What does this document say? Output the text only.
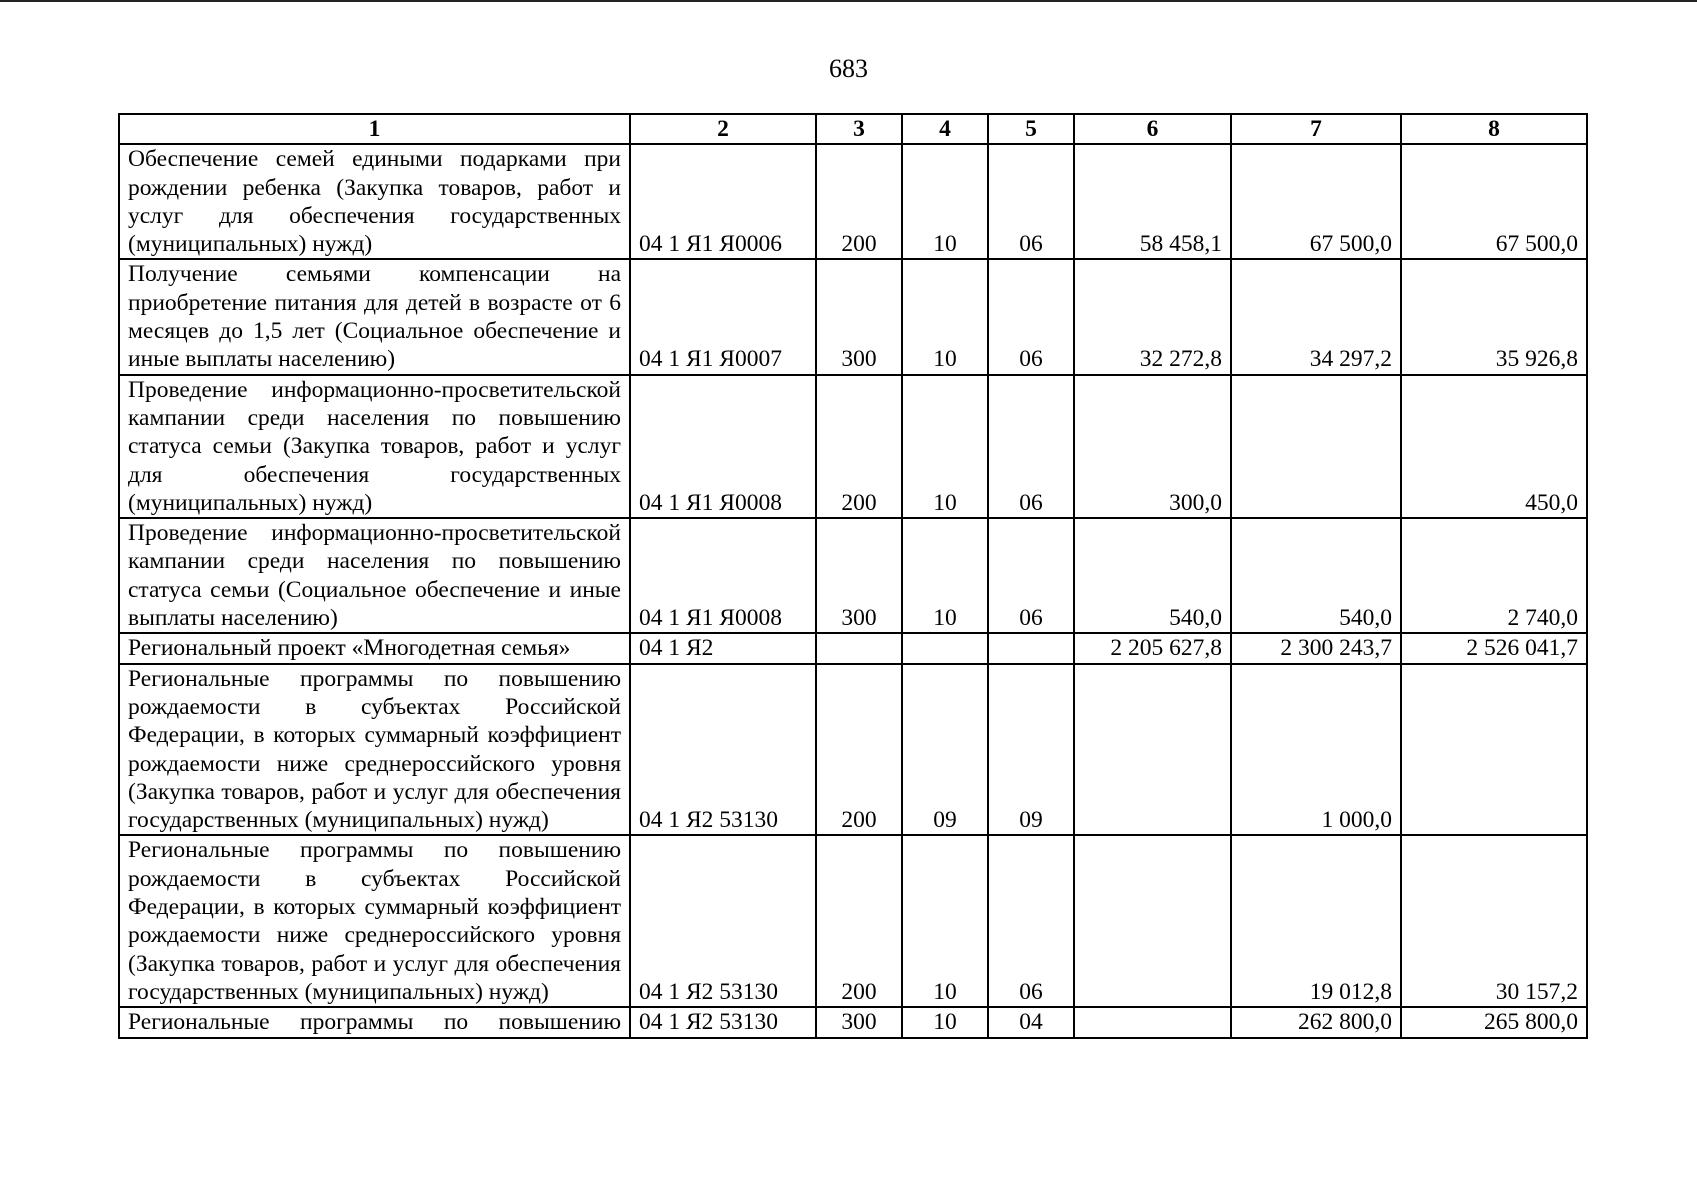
683
1	2	3	4	5	6	7	8
Обеспечение семей едиными подарками при рождении ребенка (Закупка товаров, работ и услуг для обеспечения государственных (муниципальных) нужд)	04 1 Я1 Я0006	200	10	06	58 458,1	67 500,0	67 500,0
Получение семьями компенсации на приобретение питания для детей в возрасте от 6 месяцев до 1,5 лет (Социальное обеспечение и иные выплаты населению)	04 1 Я1 Я0007	300	10	06	32 272,8	34 297,2	35 926,8
Проведение информационно-просветительской кампании среди населения по повышению статуса семьи (Закупка товаров, работ и услуг для обеспечения государственных (муниципальных) нужд)	04 1 Я1 Я0008	200	10	06	300,0		450,0
Проведение информационно-просветительской кампании среди населения по повышению статуса семьи (Социальное обеспечение и иные выплаты населению)	04 1 Я1 Я0008	300	10	06	540,0	540,0	2 740,0
Региональный проект «Многодетная семья»	04 1 Я2				2 205 627,8	2 300 243,7	2 526 041,7
Региональные программы по повышению рождаемости в субъектах Российской Федерации, в которых суммарный коэффициент рождаемости ниже среднероссийского уровня (Закупка товаров, работ и услуг для обеспечения государственных (муниципальных) нужд)	04 1 Я2 53130	200	09	09		1 000,0	
Региональные программы по повышению рождаемости в субъектах Российской Федерации, в которых суммарный коэффициент рождаемости ниже среднероссийского уровня (Закупка товаров, работ и услуг для обеспечения государственных (муниципальных) нужд)	04 1 Я2 53130	200	10	06		19 012,8	30 157,2
Региональные программы по повышению	04 1 Я2 53130	300	10	04		262 800,0	265 800,0
